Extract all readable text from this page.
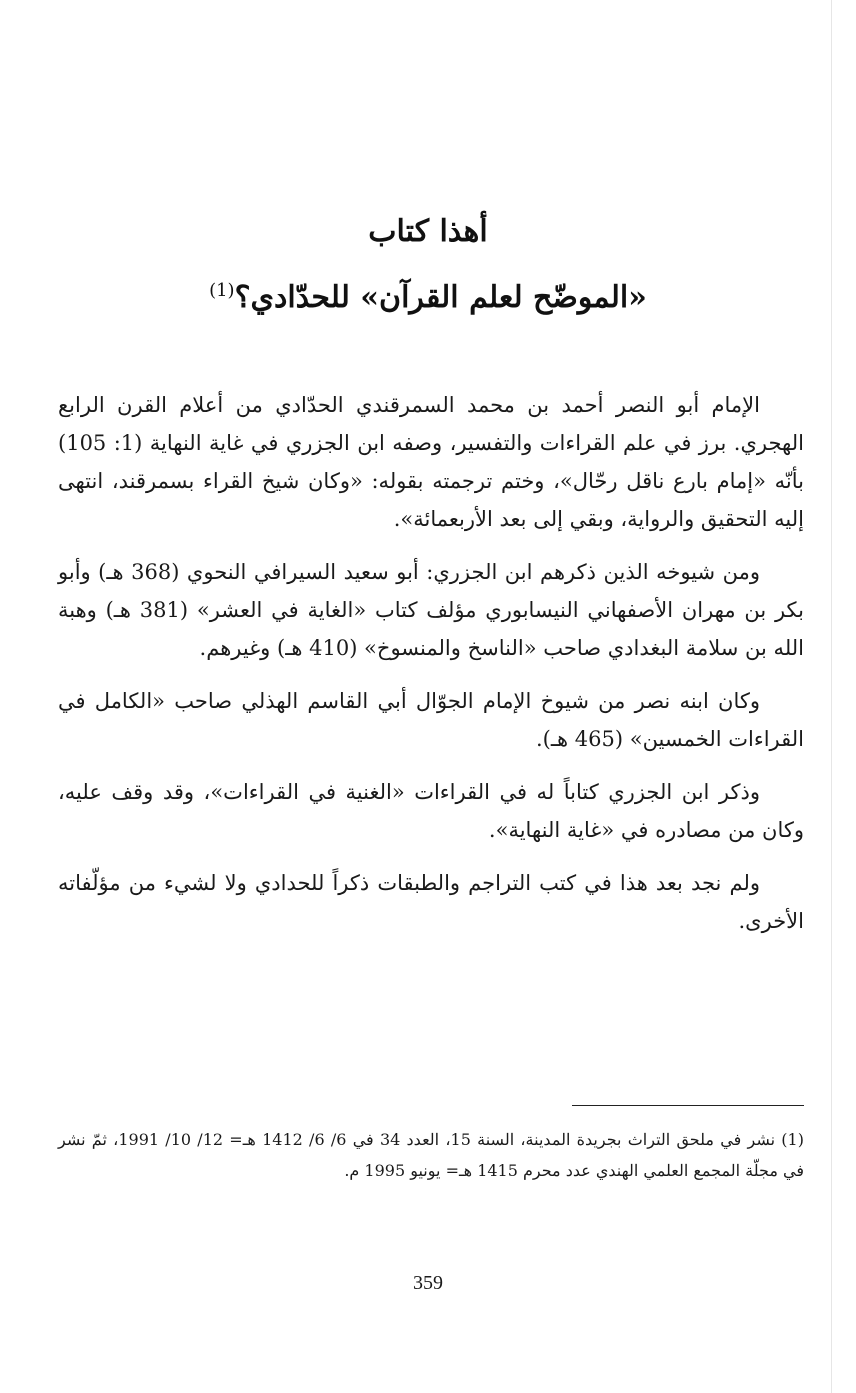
أهذا كتاب
«الموضّح لعلم القرآن» للحدّادي؟$^{(1)}$

الإمام أبو النصر أحمد بن محمد السمرقندي الحدّادي من أعلام القرن الرابع الهجري. برز في علم القراءات والتفسير، وصفه ابن الجزري في غاية النهاية (1: 105) بأنّه «إمام بارع ناقل رحّال»، وختم ترجمته بقوله: «وكان شيخ القراء بسمرقند، انتهى إليه التحقيق والرواية، وبقي إلى بعد الأربعمائة».

ومن شيوخه الذين ذكرهم ابن الجزري: أبو سعيد السيرافي النحوي (368 هـ) وأبو بكر بن مهران الأصفهاني النيسابوري مؤلف كتاب «الغاية في العشر» (381 هـ) وهبة الله بن سلامة البغدادي صاحب «الناسخ والمنسوخ» (410 هـ) وغيرهم.

وكان ابنه نصر من شيوخ الإمام الجوّال أبي القاسم الهذلي صاحب «الكامل في القراءات الخمسين» (465 هـ).

وذكر ابن الجزري كتاباً له في القراءات «الغنية في القراءات»، وقد وقف عليه، وكان من مصادره في «غاية النهاية».

ولم نجد بعد هذا في كتب التراجم والطبقات ذكراً للحدادي ولا لشيء من مؤلّفاته الأخرى.

(1) نشر في ملحق التراث بجريدة المدينة، السنة 15، العدد 34 في 6/ 6/ 1412 هـ= 12/ 10/ 1991، ثمّ نشر في مجلّة المجمع العلمي الهندي عدد محرم 1415 هـ= يونيو 1995 م.

359
